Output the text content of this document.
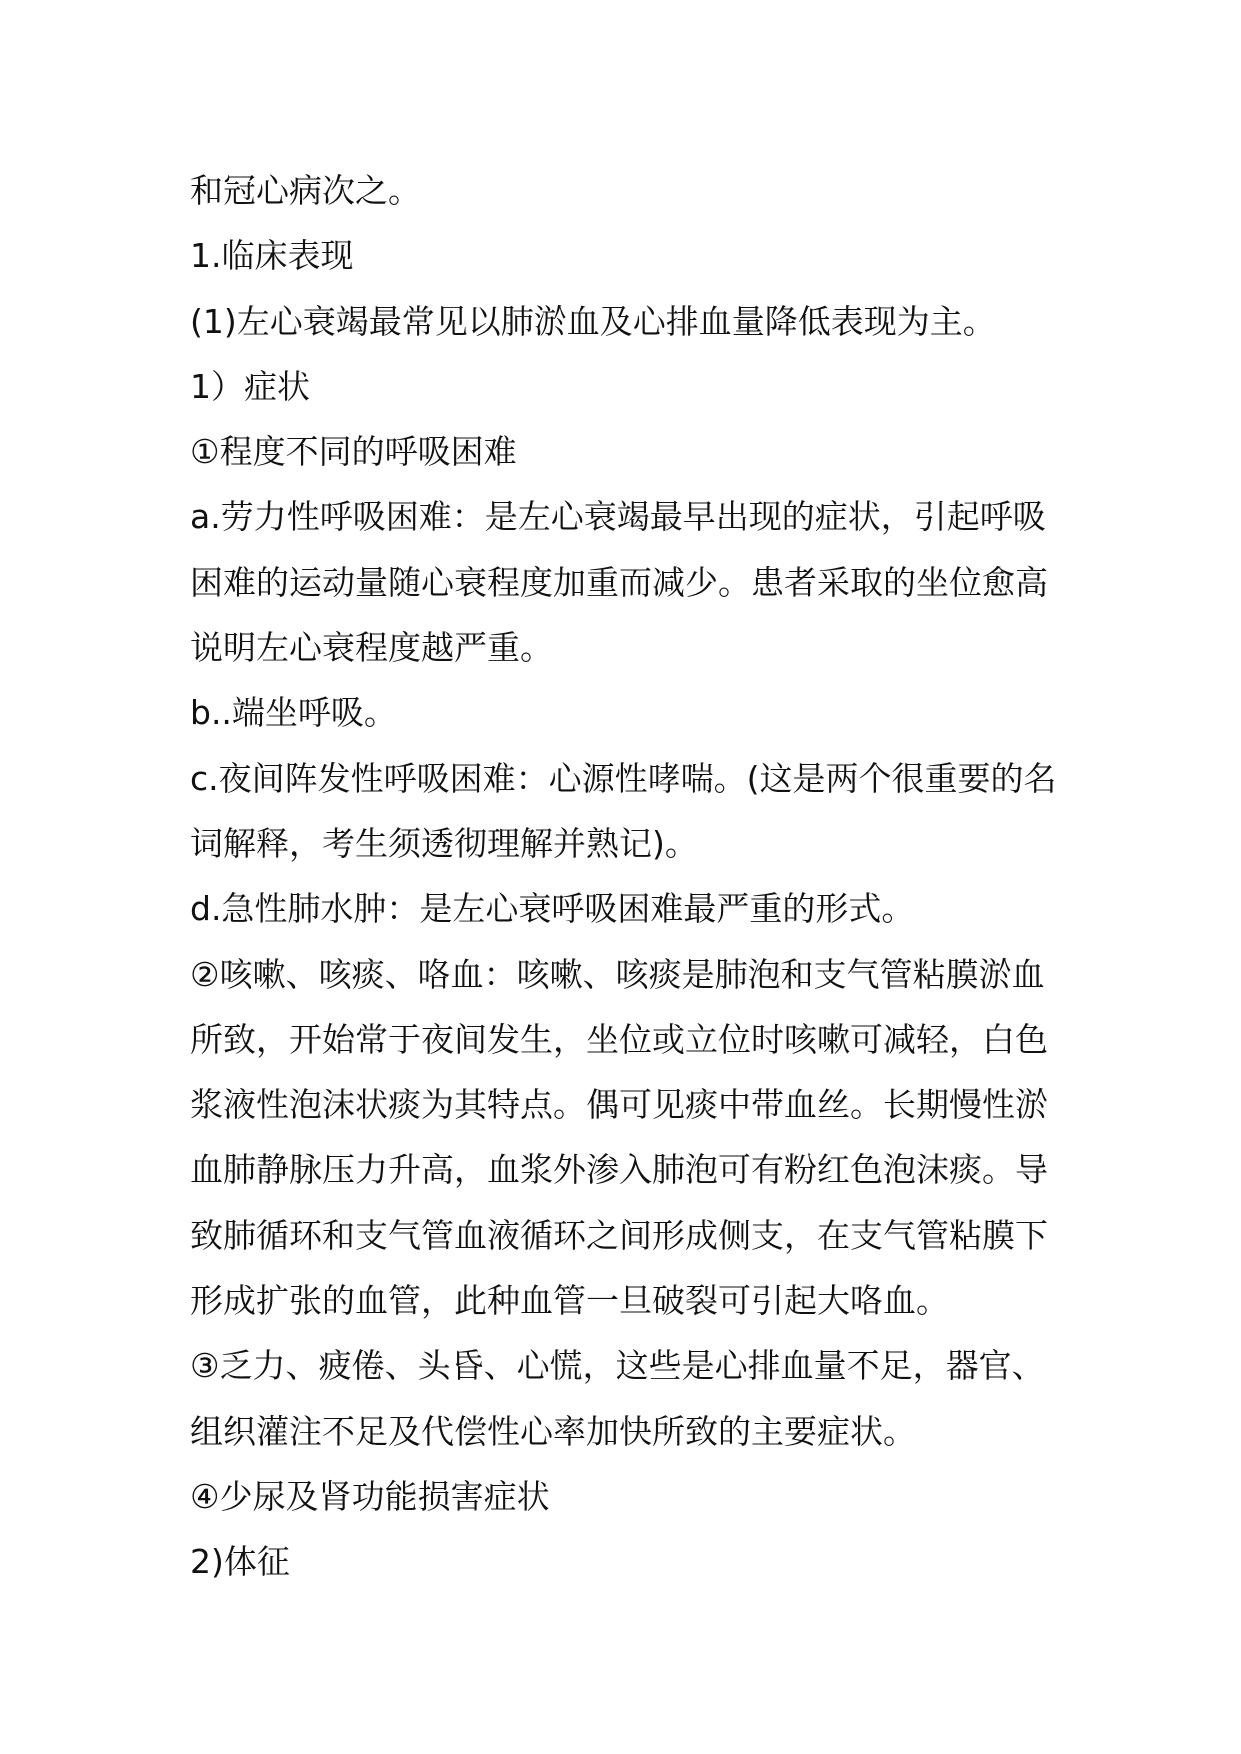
和冠心病次之。
1.临床表现
(1)左心衰竭最常见以肺淤血及心排血量降低表现为主。
1）症状
①程度不同的呼吸困难
a.劳力性呼吸困难：是左心衰竭最早出现的症状，引起呼吸
困难的运动量随心衰程度加重而减少。患者采取的坐位愈高
说明左心衰程度越严重。
b..端坐呼吸。
c.夜间阵发性呼吸困难：心源性哮喘。(这是两个很重要的名
词解释，考生须透彻理解并熟记)。
d.急性肺水肿：是左心衰呼吸困难最严重的形式。
②咳嗽、咳痰、咯血：咳嗽、咳痰是肺泡和支气管粘膜淤血
所致，开始常于夜间发生，坐位或立位时咳嗽可减轻，白色
浆液性泡沫状痰为其特点。偶可见痰中带血丝。长期慢性淤
血肺静脉压力升高，血浆外渗入肺泡可有粉红色泡沫痰。导
致肺循环和支气管血液循环之间形成侧支，在支气管粘膜下
形成扩张的血管，此种血管一旦破裂可引起大咯血。
③乏力、疲倦、头昏、心慌，这些是心排血量不足，器官、
组织灌注不足及代偿性心率加快所致的主要症状。
④少尿及肾功能损害症状
2)体征
